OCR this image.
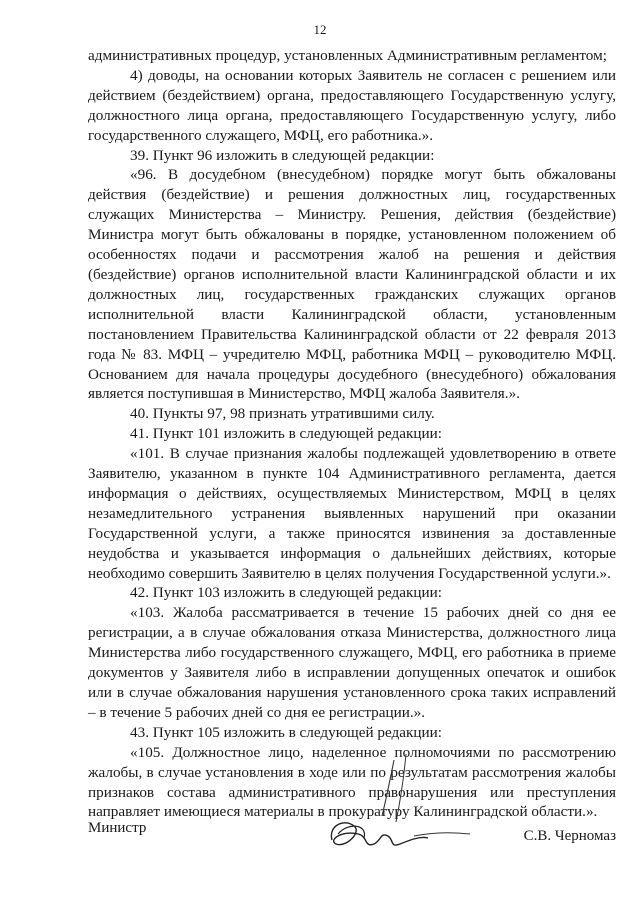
12

административных процедур, установленных Административным регламентом;

4) доводы, на основании которых Заявитель не согласен с решением или действием (бездействием) органа, предоставляющего Государственную услугу, должностного лица органа, предоставляющего Государственную услугу, либо государственного служащего, МФЦ, его работника.».

39. Пункт 96 изложить в следующей редакции:

«96. В досудебном (внесудебном) порядке могут быть обжалованы действия (бездействие) и решения должностных лиц, государственных служащих Министерства – Министру. Решения, действия (бездействие) Министра могут быть обжалованы в порядке, установленном положением об особенностях подачи и рассмотрения жалоб на решения и действия (бездействие) органов исполнительной власти Калининградской области и их должностных лиц, государственных гражданских служащих органов исполнительной власти Калининградской области, установленным постановлением Правительства Калининградской области от 22 февраля 2013 года № 83. МФЦ – учредителю МФЦ, работника МФЦ – руководителю МФЦ. Основанием для начала процедуры досудебного (внесудебного) обжалования является поступившая в Министерство, МФЦ жалоба Заявителя.».

40. Пункты 97, 98 признать утратившими силу.

41. Пункт 101 изложить в следующей редакции:

«101. В случае признания жалобы подлежащей удовлетворению в ответе Заявителю, указанном в пункте 104 Административного регламента, дается информация о действиях, осуществляемых Министерством, МФЦ в целях незамедлительного устранения выявленных нарушений при оказании Государственной услуги, а также приносятся извинения за доставленные неудобства и указывается информация о дальнейших действиях, которые необходимо совершить Заявителю в целях получения Государственной услуги.».

42. Пункт 103 изложить в следующей редакции:

«103. Жалоба рассматривается в течение 15 рабочих дней со дня ее регистрации, а в случае обжалования отказа Министерства, должностного лица Министерства либо государственного служащего, МФЦ, его работника в приеме документов у Заявителя либо в исправлении допущенных опечаток и ошибок или в случае обжалования нарушения установленного срока таких исправлений – в течение 5 рабочих дней со дня ее регистрации.».

43. Пункт 105 изложить в следующей редакции:

«105. Должностное лицо, наделенное полномочиями по рассмотрению жалобы, в случае установления в ходе или по результатам рассмотрения жалобы признаков состава административного правонарушения или преступления направляет имеющиеся материалы в прокуратуру Калининградской области.».

Министр	С.В. Черномаз
